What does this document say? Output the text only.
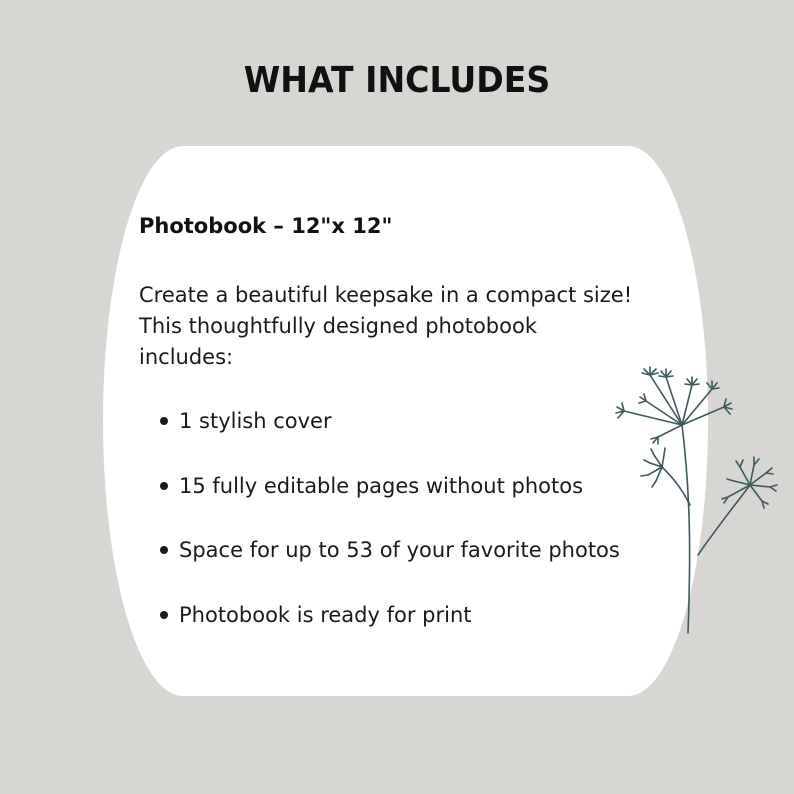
WHAT INCLUDES

Photobook – 12"x 12"

Create a beautiful keepsake in a compact size!
This thoughtfully designed photobook
includes:

1 stylish cover
15 fully editable pages without photos
Space for up to 53 of your favorite photos
Photobook is ready for print
